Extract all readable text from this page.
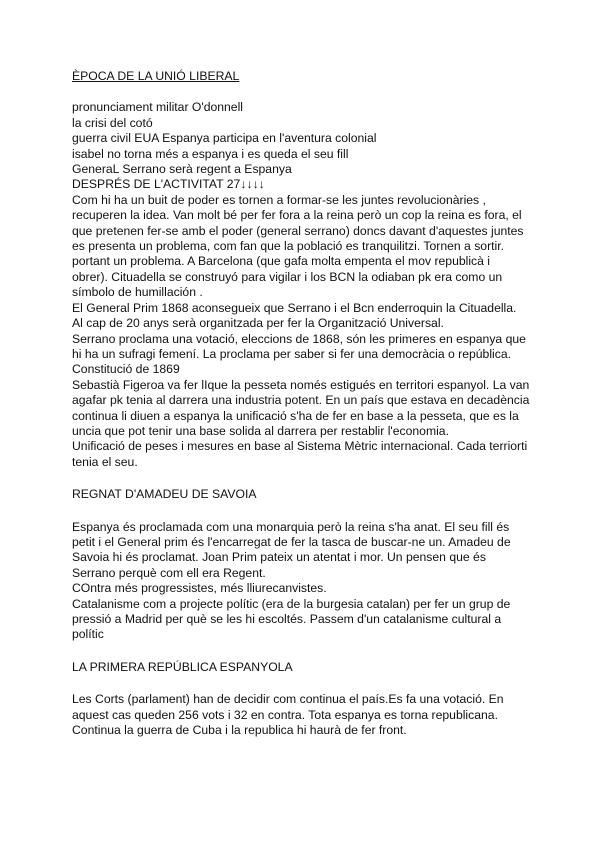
ÈPOCA DE LA UNIÓ LIBERAL
pronunciament militar O'donnell
la crisi del cotó
guerra civil EUA Espanya participa en l'aventura colonial
isabel no torna més a espanya i es queda el seu fill
GeneraL Serrano serà regent a Espanya
DESPRÉS DE L'ACTIVITAT 27↓↓↓↓
Com hi ha un buit de poder es tornen a formar-se les juntes revolucionàries ,
recuperen la idea. Van molt bé per fer fora a la reina però un cop la reina es fora, el
que pretenen fer-se amb el poder (general serrano) doncs davant d'aquestes juntes
es presenta un problema, com fan que la població es tranquilitzi. Tornen a sortir.
portant un problema. A Barcelona (que gafa molta empenta el mov republicà i
obrer). Cituadella se construyó para vigilar i los BCN la odiaban pk era como un
símbolo de humillación .
El General Prim 1868 aconsegueix que Serrano i el Bcn enderroquin la Cituadella.
Al cap de 20 anys serà organitzada per fer la Organització Universal.
Serrano proclama una votació, eleccions de 1868, són les primeres en espanya que
hi ha un sufragi femení. La proclama per saber si fer una democràcia o república.
Constitució de 1869
Sebastià Figeroa va fer lIque la pesseta només estigués en territori espanyol. La van
agafar pk tenia al darrera una industria potent. En un país que estava en decadència
continua li diuen a espanya la unificació s'ha de fer en base a la pesseta, que es la
uncia que pot tenir una base solida al darrera per restablir l'economia.
Unificació de peses i mesures en base al Sistema Mètric internacional. Cada terriorti
tenia el seu.
REGNAT D'AMADEU DE SAVOIA
Espanya és proclamada com una monarquia però la reina s'ha anat. El seu fill és
petit i el General prim és l'encarregat de fer la tasca de buscar-ne un. Amadeu de
Savoia hi és proclamat. Joan Prim pateix un atentat i mor. Un pensen que és
Serrano perquè com ell era Regent.
COntra més progressistes, més lliurecanvistes.
Catalanisme com a projecte polític (era de la burgesia catalan) per fer un grup de
pressió a Madrid per què se les hi escoltés. Passem d'un catalanisme cultural a
polític
LA PRIMERA REPÚBLICA ESPANYOLA
Les Corts (parlament) han de decidir com continua el país.Es fa una votació. En
aquest cas queden 256 vots i 32 en contra. Tota espanya es torna republicana.
Continua la guerra de Cuba i la republica hi haurà de fer front.
